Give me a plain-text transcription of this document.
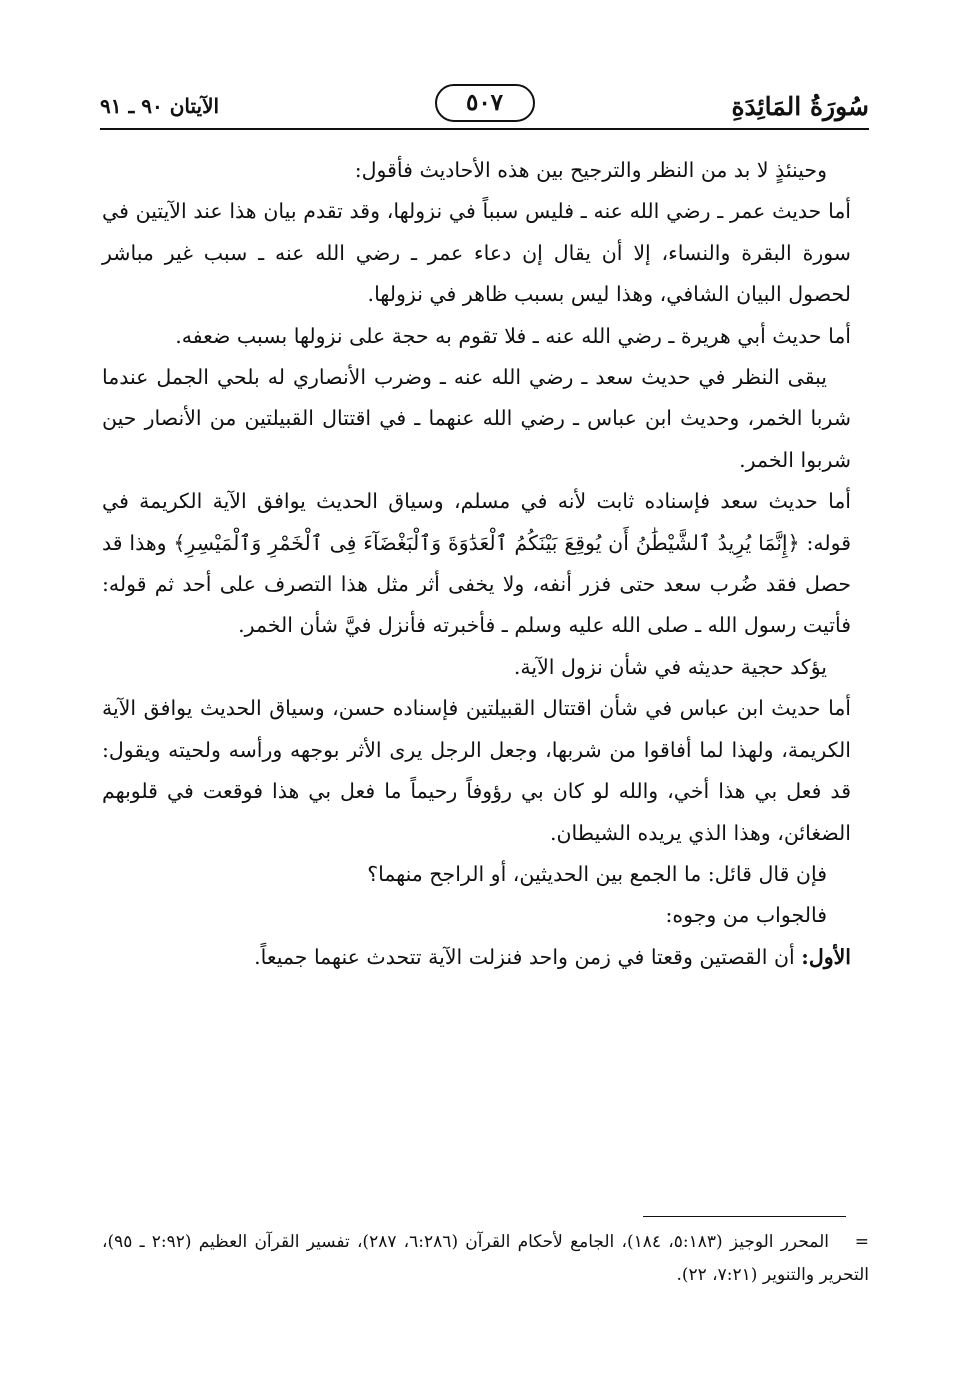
سُورَةُ المَائِدَةِ
٥٠٧
الآيتان ٩٠ ـ ٩١

وحينئذٍ لا بد من النظر والترجيح بين هذه الأحاديث فأقول:

أما حديث عمر ـ رضي الله عنه ـ فليس سبباً في نزولها، وقد تقدم بيان هذا عند الآيتين في سورة البقرة والنساء، إلا أن يقال إن دعاء عمر ـ رضي الله عنه ـ سبب غير مباشر لحصول البيان الشافي، وهذا ليس بسبب ظاهر في نزولها.

أما حديث أبي هريرة ـ رضي الله عنه ـ فلا تقوم به حجة على نزولها بسبب ضعفه.

يبقى النظر في حديث سعد ـ رضي الله عنه ـ وضرب الأنصاري له بلحي الجمل عندما شربا الخمر، وحديث ابن عباس ـ رضي الله عنهما ـ في اقتتال القبيلتين من الأنصار حين شربوا الخمر.

أما حديث سعد فإسناده ثابت لأنه في مسلم، وسياق الحديث يوافق الآية الكريمة في قوله: ﴿إِنَّمَا يُرِيدُ ٱلشَّيْطَٰنُ أَن يُوقِعَ بَيْنَكُمُ ٱلْعَدَٰوَةَ وَٱلْبَغْضَآءَ فِى ٱلْخَمْرِ وَٱلْمَيْسِرِ﴾ وهذا قد حصل فقد ضُرب سعد حتى فزر أنفه، ولا يخفى أثر مثل هذا التصرف على أحد ثم قوله: فأتيت رسول الله ـ صلى الله عليه وسلم ـ فأخبرته فأنزل فيَّ شأن الخمر.

يؤكد حجية حديثه في شأن نزول الآية.

أما حديث ابن عباس في شأن اقتتال القبيلتين فإسناده حسن، وسياق الحديث يوافق الآية الكريمة، ولهذا لما أفاقوا من شربها، وجعل الرجل يرى الأثر بوجهه ورأسه ولحيته ويقول: قد فعل بي هذا أخي، والله لو كان بي رؤوفاً رحيماً ما فعل بي هذا فوقعت في قلوبهم الضغائن، وهذا الذي يريده الشيطان.

فإن قال قائل: ما الجمع بين الحديثين، أو الراجح منهما؟

فالجواب من وجوه:

الأول: أن القصتين وقعتا في زمن واحد فنزلت الآية تتحدث عنهما جميعاً.

=المحرر الوجيز (٥:١٨٣، ١٨٤)، الجامع لأحكام القرآن (٦:٢٨٦، ٢٨٧)، تفسير القرآن العظيم (٢:٩٢ ـ ٩٥)، التحرير والتنوير (٧:٢١، ٢٢).
